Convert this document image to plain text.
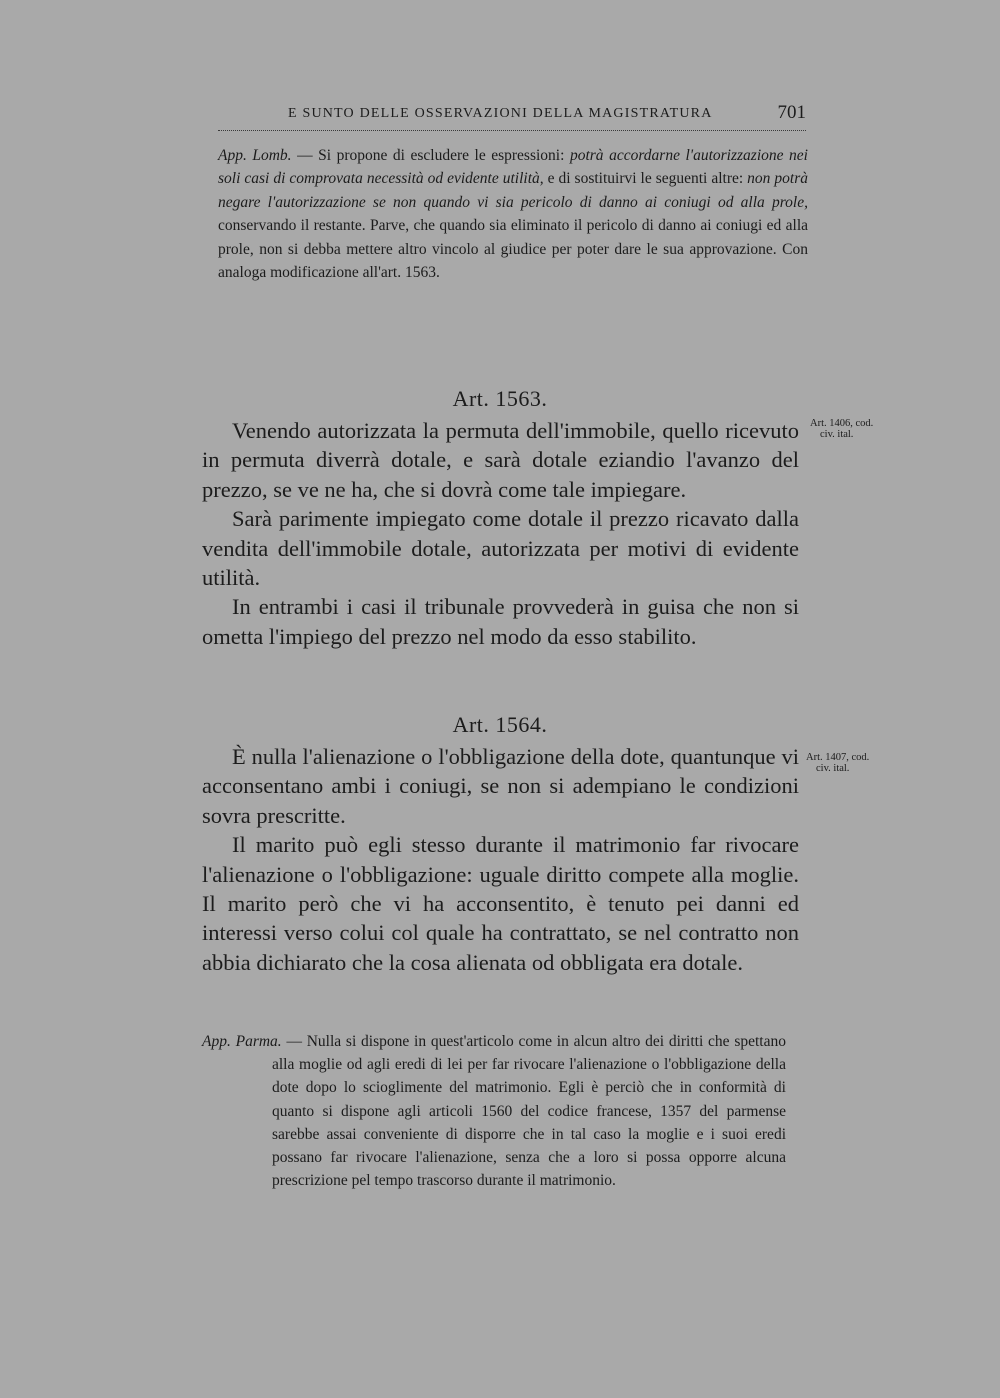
E SUNTO DELLE OSSERVAZIONI DELLA MAGISTRATURA	701

App. Lomb. — Si propone di escludere le espressioni: potrà accordarne l'autorizzazione nei soli casi di comprovata necessità od evidente utilità, e di sostituirvi le seguenti altre: non potrà negare l'autorizzazione se non quando vi sia pericolo di danno ai coniugi od alla prole, conservando il restante. Parve, che quando sia eliminato il pericolo di danno ai coniugi ed alla prole, non si debba mettere altro vincolo al giudice per poter dare le sua approvazione. Con analoga modificazione all'art. 1563.

Art. 1563.

Venendo autorizzata la permuta dell'immobile, quello ricevuto in permuta diverrà dotale, e sarà dotale eziandio l'avanzo del prezzo, se ve ne ha, che si dovrà come tale impiegare.

Sarà parimente impiegato come dotale il prezzo ricavato dalla vendita dell'immobile dotale, autorizzata per motivi di evidente utilità.

In entrambi i casi il tribunale provvederà in guisa che non si ometta l'impiego del prezzo nel modo da esso stabilito.

Art. 1406, cod.
civ. ital.
Art. 1564.

È nulla l'alienazione o l'obbligazione della dote, quantunque vi acconsentano ambi i coniugi, se non si adempiano le condizioni sovra prescritte.

Il marito può egli stesso durante il matrimonio far rivocare l'alienazione o l'obbligazione: uguale diritto compete alla moglie. Il marito però che vi ha acconsentito, è tenuto pei danni ed interessi verso colui col quale ha contrattato, se nel contratto non abbia dichiarato che la cosa alienata od obbligata era dotale.

Art. 1407, cod.
civ. ital.

App. Parma. — Nulla si dispone in quest'articolo come in alcun altro dei diritti che spettano alla moglie od agli eredi di lei per far rivocare l'alienazione o l'obbligazione della dote dopo lo scioglimente del matrimonio. Egli è perciò che in conformità di quanto si dispone agli articoli 1560 del codice francese, 1357 del parmense sarebbe assai conveniente di disporre che in tal caso la moglie e i suoi eredi possano far rivocare l'alienazione, senza che a loro si possa opporre alcuna prescrizione pel tempo trascorso durante il matrimonio.
